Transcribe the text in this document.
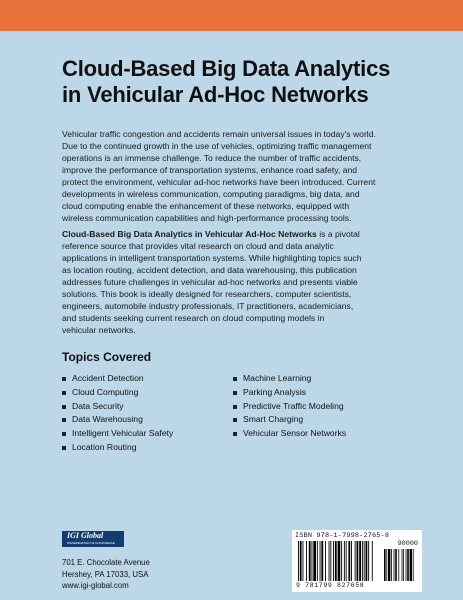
Cloud-Based Big Data Analytics
in Vehicular Ad-Hoc Networks
Vehicular traffic congestion and accidents remain universal issues in today's world.
Due to the continued growth in the use of vehicles, optimizing traffic management
operations is an immense challenge. To reduce the number of traffic accidents,
improve the performance of transportation systems, enhance road safety, and
protect the environment, vehicular ad-hoc networks have been introduced. Current
developments in wireless communication, computing paradigms, big data, and
cloud computing enable the enhancement of these networks, equipped with
wireless communication capabilities and high-performance processing tools.
Cloud-Based Big Data Analytics in Vehicular Ad-Hoc Networks is a pivotal
reference source that provides vital research on cloud and data analytic
applications in intelligent transportation systems. While highlighting topics such
as location routing, accident detection, and data warehousing, this publication
addresses future challenges in vehicular ad-hoc networks and presents viable
solutions. This book is ideally designed for researchers, computer scientists,
engineers, automobile industry professionals, IT practitioners, academicians,
and students seeking current research on cloud computing models in
vehicular networks.
Topics Covered
Accident Detection
Cloud Computing
Data Security
Data Warehousing
Intelligent Vehicular Safety
Location Routing
Machine Learning
Parking Analysis
Predictive Traffic Modeling
Smart Charging
Vehicular Sensor Networks
IGI Global
DISSEMINATOR OF KNOWLEDGE
701 E. Chocolate Avenue
Hershey, PA 17033, USA
www.igi-global.com
ISBN 978-1-7998-2765-8
90000
9 781799 827658
